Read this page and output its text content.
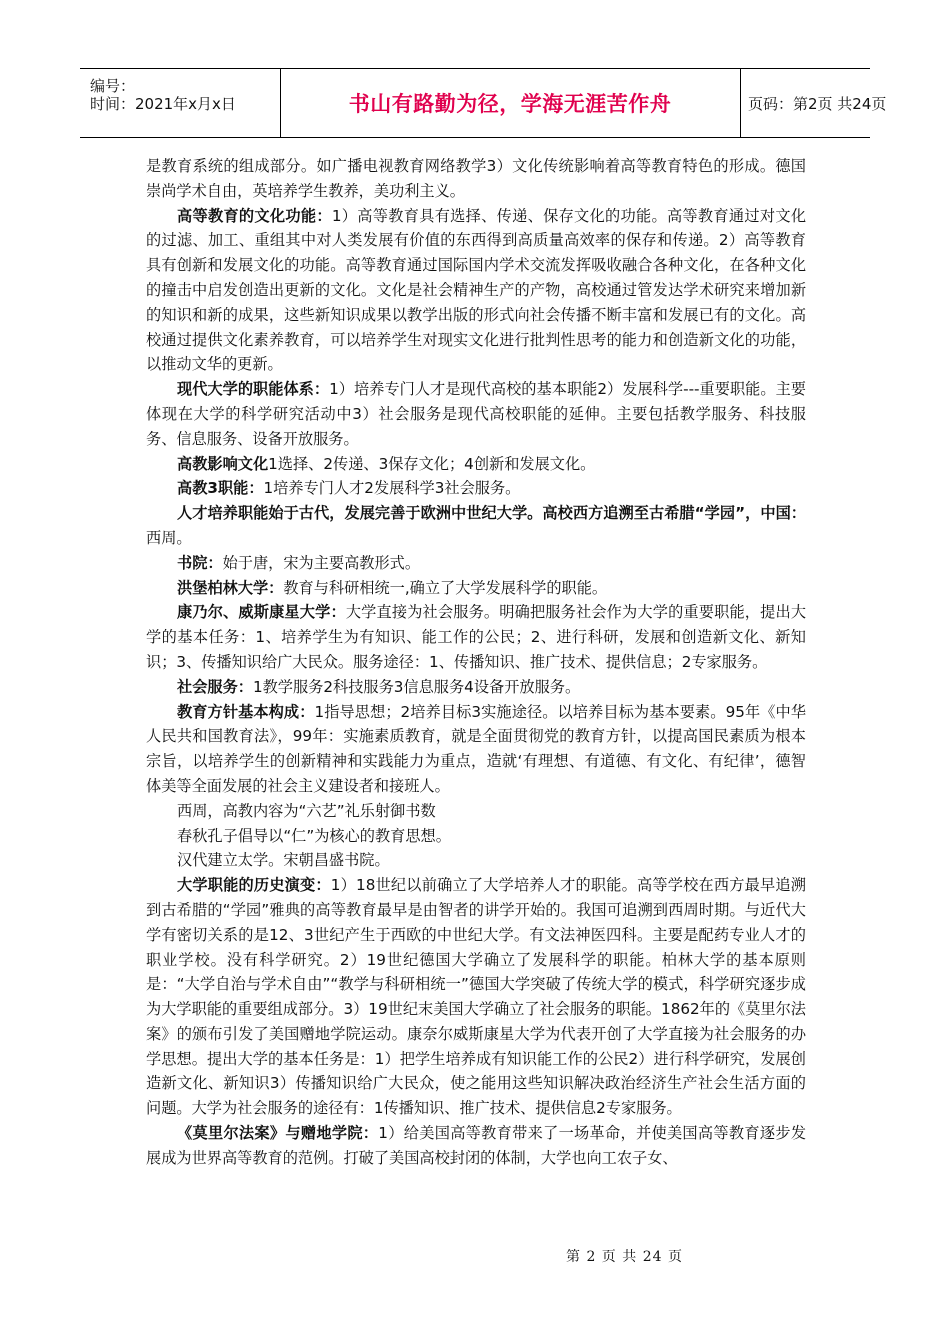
编号：
时间：2021年x月x日	书山有路勤为径，学海无涯苦作舟	页码：第2页 共24页

是教育系统的组成部分。如广播电视教育网络教学3）文化传统影响着高等教育特色的形成。德国崇尚学术自由，英培养学生教养，美功利主义。

高等教育的文化功能：1）高等教育具有选择、传递、保存文化的功能。高等教育通过对文化的过滤、加工、重组其中对人类发展有价值的东西得到高质量高效率的保存和传递。2）高等教育具有创新和发展文化的功能。高等教育通过国际国内学术交流发挥吸收融合各种文化，在各种文化的撞击中启发创造出更新的文化。文化是社会精神生产的产物，高校通过管发达学术研究来增加新的知识和新的成果，这些新知识成果以教学出版的形式向社会传播不断丰富和发展已有的文化。高校通过提供文化素养教育，可以培养学生对现实文化进行批判性思考的能力和创造新文化的功能，以推动文华的更新。

现代大学的职能体系：1）培养专门人才是现代高校的基本职能2）发展科学---重要职能。主要体现在大学的科学研究活动中3）社会服务是现代高校职能的延伸。主要包括教学服务、科技服务、信息服务、设备开放服务。

高教影响文化1选择、2传递、3保存文化；4创新和发展文化。

高教3职能：1培养专门人才2发展科学3社会服务。

人才培养职能始于古代，发展完善于欧洲中世纪大学。高校西方追溯至古希腊“学园”，中国：西周。

书院：始于唐，宋为主要高教形式。

洪堡柏林大学：教育与科研相统一,确立了大学发展科学的职能。

康乃尔、威斯康星大学：大学直接为社会服务。明确把服务社会作为大学的重要职能，提出大学的基本任务：1、培养学生为有知识、能工作的公民；2、进行科研，发展和创造新文化、新知识；3、传播知识给广大民众。服务途径：1、传播知识、推广技术、提供信息；2专家服务。

社会服务：1教学服务2科技服务3信息服务4设备开放服务。

教育方针基本构成：1指导思想；2培养目标3实施途径。以培养目标为基本要素。95年《中华人民共和国教育法》，99年：实施素质教育，就是全面贯彻党的教育方针，以提高国民素质为根本宗旨，以培养学生的创新精神和实践能力为重点，造就‘有理想、有道德、有文化、有纪律’，德智体美等全面发展的社会主义建设者和接班人。

西周，高教内容为“六艺”礼乐射御书数

春秋孔子倡导以“仁”为核心的教育思想。

汉代建立太学。宋朝昌盛书院。

大学职能的历史演变：1）18世纪以前确立了大学培养人才的职能。高等学校在西方最早追溯到古希腊的“学园”雅典的高等教育最早是由智者的讲学开始的。我国可追溯到西周时期。与近代大学有密切关系的是12、3世纪产生于西欧的中世纪大学。有文法神医四科。主要是配药专业人才的职业学校。没有科学研究。2）19世纪德国大学确立了发展科学的职能。柏林大学的基本原则是：“大学自治与学术自由”“教学与科研相统一”德国大学突破了传统大学的模式，科学研究逐步成为大学职能的重要组成部分。3）19世纪末美国大学确立了社会服务的职能。1862年的《莫里尔法案》的颁布引发了美国赠地学院运动。康奈尔威斯康星大学为代表开创了大学直接为社会服务的办学思想。提出大学的基本任务是：1）把学生培养成有知识能工作的公民2）进行科学研究，发展创造新文化、新知识3）传播知识给广大民众，使之能用这些知识解决政治经济生产社会生活方面的问题。大学为社会服务的途径有：1传播知识、推广技术、提供信息2专家服务。

《莫里尔法案》与赠地学院：1）给美国高等教育带来了一场革命，并使美国高等教育逐步发展成为世界高等教育的范例。打破了美国高校封闭的体制，大学也向工农子女、

第 2 页 共 24 页
